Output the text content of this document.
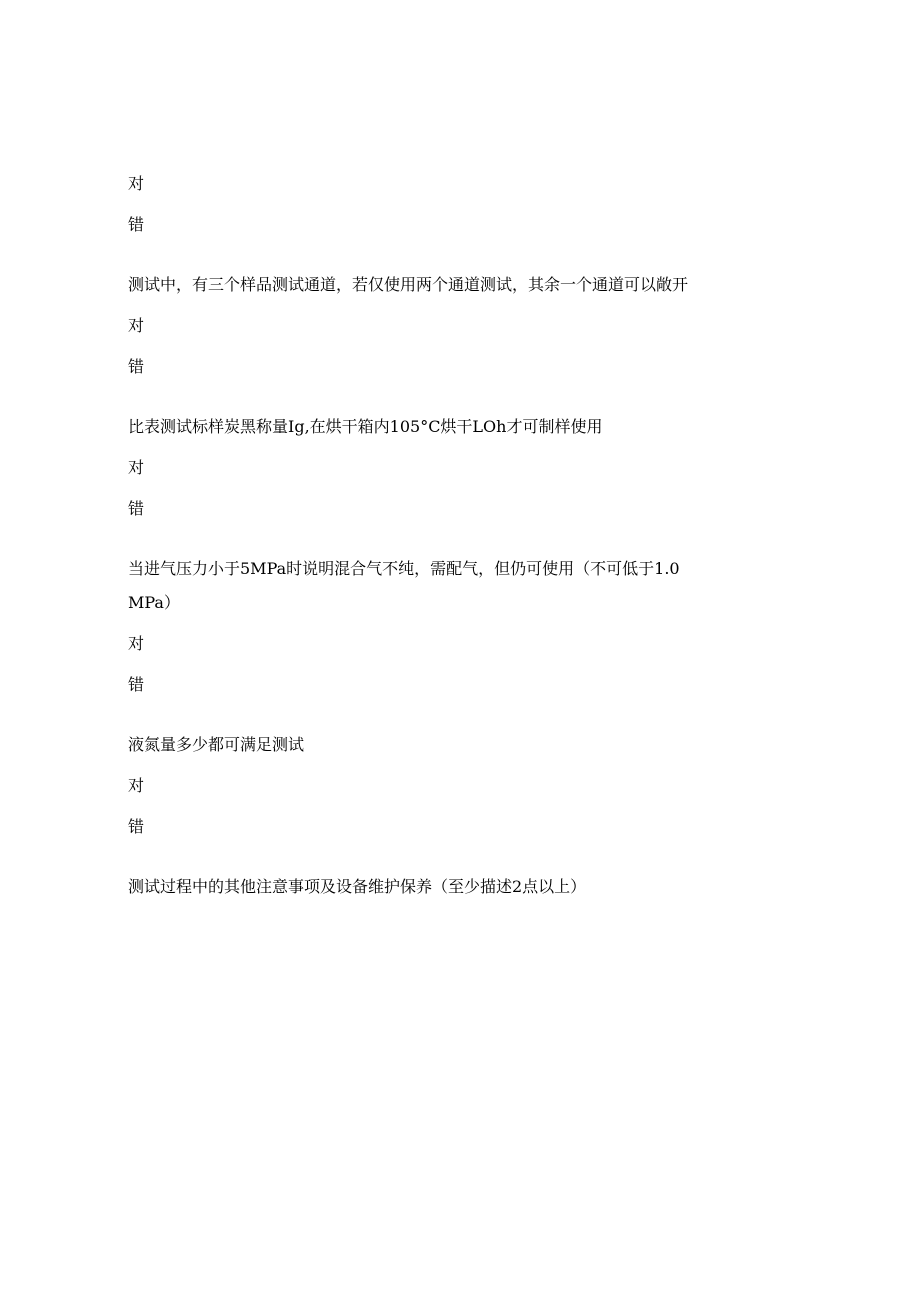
对
错
测试中，有三个样品测试通道，若仅使用两个通道测试，其余一个通道可以敞开
对
错
比表测试标样炭黑称量Ig,在烘干箱内105°C烘干LOh才可制样使用
对
错
当进气压力小于5MPa时说明混合气不纯，需配气，但仍可使用（不可低于1.0
MPa）
对
错
液氮量多少都可满足测试
对
错
测试过程中的其他注意事项及设备维护保养（至少描述2点以上）
